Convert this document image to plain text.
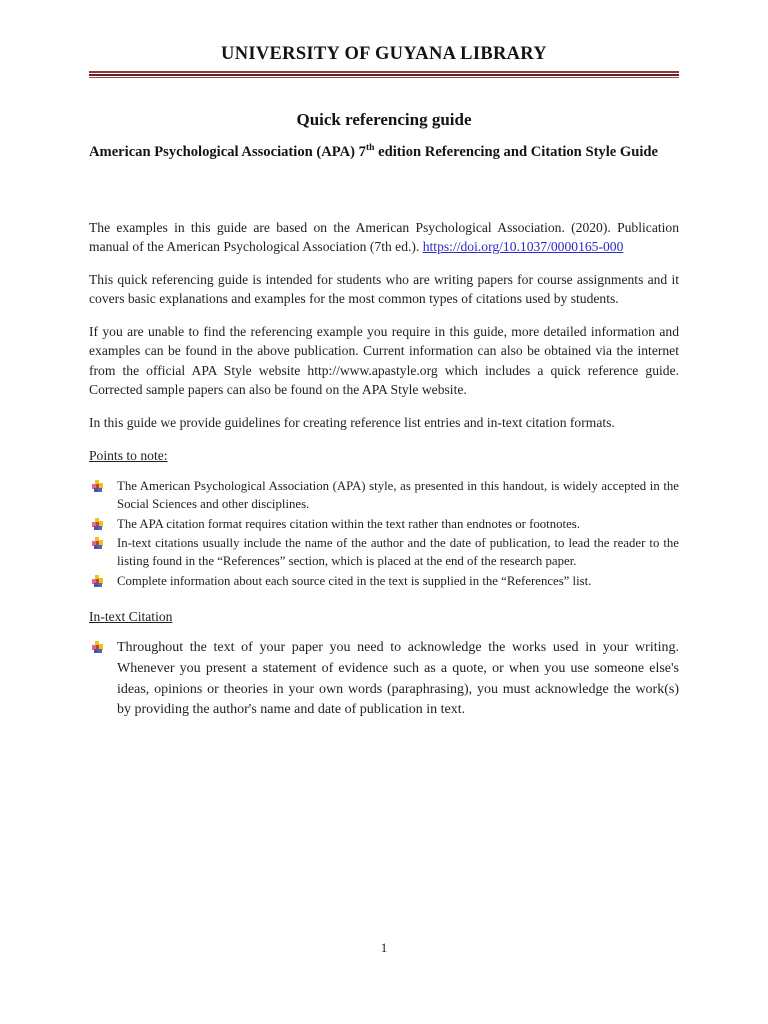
UNIVERSITY OF GUYANA LIBRARY
Quick referencing guide
American Psychological Association (APA) 7th edition Referencing and Citation Style Guide

The examples in this guide are based on the American Psychological Association. (2020). Publication manual of the American Psychological Association (7th ed.). https://doi.org/10.1037/0000165-000

This quick referencing guide is intended for students who are writing papers for course assignments and it covers basic explanations and examples for the most common types of citations used by students.

If you are unable to find the referencing example you require in this guide, more detailed information and examples can be found in the above publication. Current information can also be obtained via the internet from the official APA Style website http://www.apastyle.org which includes a quick reference guide. Corrected sample papers can also be found on the APA Style website.

In this guide we provide guidelines for creating reference list entries and in-text citation formats.

Points to note:
The American Psychological Association (APA) style, as presented in this handout, is widely accepted in the Social Sciences and other disciplines.
The APA citation format requires citation within the text rather than endnotes or footnotes.
In-text citations usually include the name of the author and the date of publication, to lead the reader to the listing found in the “References” section, which is placed at the end of the research paper.
Complete information about each source cited in the text is supplied in the “References” list.
In-text Citation
Throughout the text of your paper you need to acknowledge the works used in your writing. Whenever you present a statement of evidence such as a quote, or when you use someone else's ideas, opinions or theories in your own words (paraphrasing), you must acknowledge the work(s) by providing the author's name and date of publication in text.
1
